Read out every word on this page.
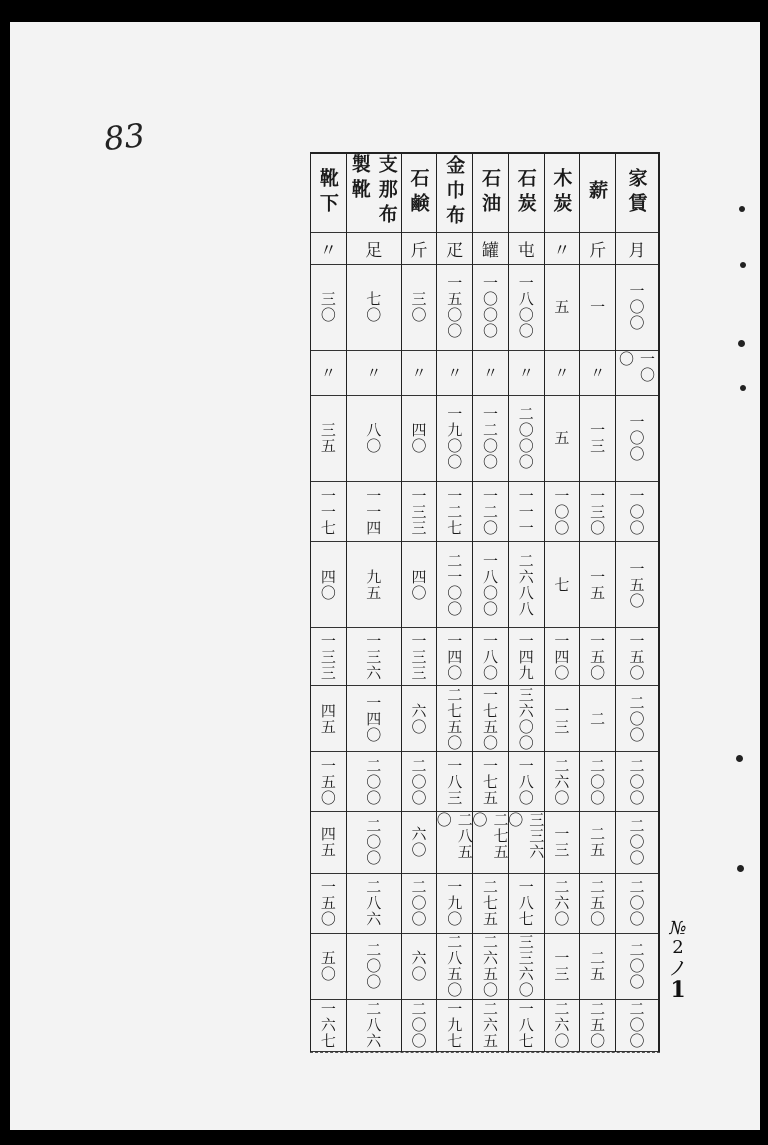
83
家賃
月
一〇〇
一〇〇
一〇〇
一〇〇
一五〇
一五〇
二〇〇
二〇〇
二〇〇
二〇〇
二〇〇
二〇〇
薪
斤
一
〃
一三
一三〇
一五
一五〇
二
二〇〇
二五
二五〇
二五
二五〇
木炭
〃
五
〃
五
一〇〇
七
一四〇
一三
二六〇
一三
二六〇
一三
二六〇
石炭
屯
一八〇〇
〃
二〇〇〇
一一一
二六八八
一四九
三六〇〇
一八〇
三三六〇
一八七
三三六〇
一八七
石油
罐
一〇〇〇
〃
一二〇〇
一二〇
一八〇〇
一八〇
一七五〇
一七五
二七五〇
二七五
二六五〇
二六五
金巾布
疋
一五〇〇
〃
一九〇〇
一二七
二一〇〇
一四〇
二七五〇
一八三
二八五〇
一九〇
二八五〇
一九七
石鹸
斤
三〇
〃
四〇
一三三
四〇
一三三
六〇
二〇〇
六〇
二〇〇
六〇
二〇〇
支那布製靴
足
七〇
〃
八〇
一一四
九五
一三六
一四〇
二〇〇
二〇〇
二八六
二〇〇
二八六
靴下
〃
三〇
〃
三五
一一七
四〇
一三三
四五
一五〇
四五
一五〇
五〇
一六七
№
2
ノ
1
